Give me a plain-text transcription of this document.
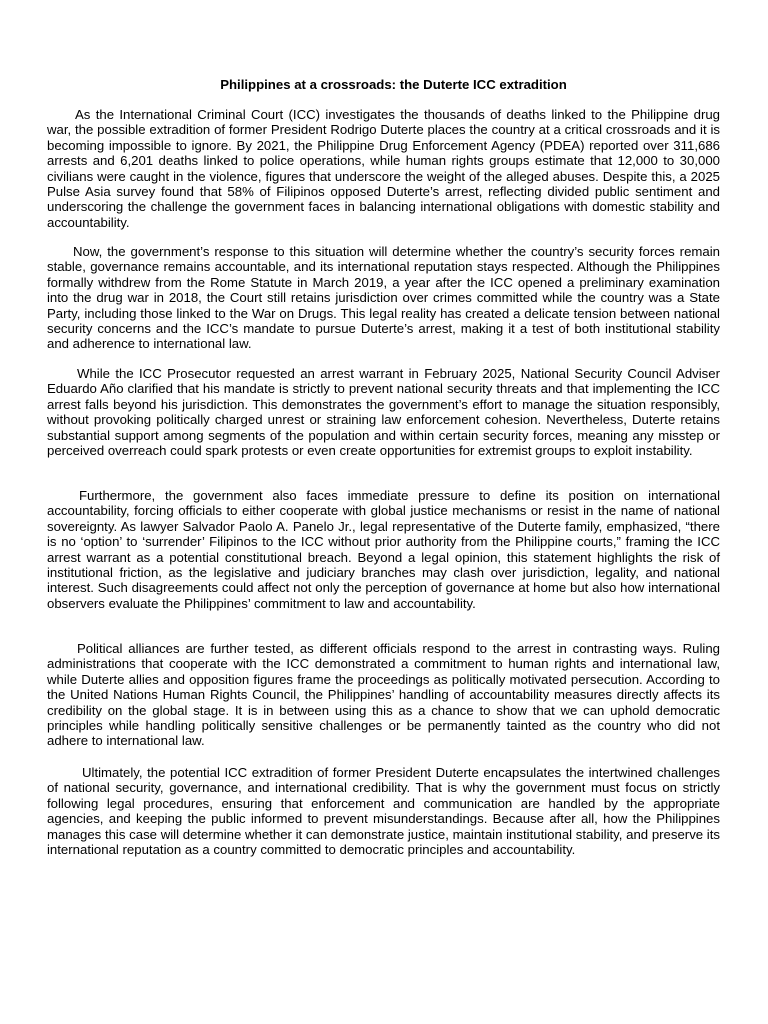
Philippines at a crossroads: the Duterte ICC extradition

As the International Criminal Court (ICC) investigates the thousands of deaths linked to the Philippine drug war, the possible extradition of former President Rodrigo Duterte places the country at a critical crossroads and it is becoming impossible to ignore. By 2021, the Philippine Drug Enforcement Agency (PDEA) reported over 311,686 arrests and 6,201 deaths linked to police operations, while human rights groups estimate that 12,000 to 30,000 civilians were caught in the violence, figures that underscore the weight of the alleged abuses. Despite this, a 2025 Pulse Asia survey found that 58% of Filipinos opposed Duterte’s arrest, reflecting divided public sentiment and underscoring the challenge the government faces in balancing international obligations with domestic stability and accountability.

Now, the government’s response to this situation will determine whether the country’s security forces remain stable, governance remains accountable, and its international reputation stays respected. Although the Philippines formally withdrew from the Rome Statute in March 2019, a year after the ICC opened a preliminary examination into the drug war in 2018, the Court still retains jurisdiction over crimes committed while the country was a State Party, including those linked to the War on Drugs. This legal reality has created a delicate tension between national security concerns and the ICC’s mandate to pursue Duterte’s arrest, making it a test of both institutional stability and adherence to international law.

While the ICC Prosecutor requested an arrest warrant in February 2025, National Security Council Adviser Eduardo Año clarified that his mandate is strictly to prevent national security threats and that implementing the ICC arrest falls beyond his jurisdiction. This demonstrates the government’s effort to manage the situation responsibly, without provoking politically charged unrest or straining law enforcement cohesion. Nevertheless, Duterte retains substantial support among segments of the population and within certain security forces, meaning any misstep or perceived overreach could spark protests or even create opportunities for extremist groups to exploit instability.

Furthermore, the government also faces immediate pressure to define its position on international accountability, forcing officials to either cooperate with global justice mechanisms or resist in the name of national sovereignty. As lawyer Salvador Paolo A. Panelo Jr., legal representative of the Duterte family, emphasized, “there is no ‘option’ to ‘surrender’ Filipinos to the ICC without prior authority from the Philippine courts,” framing the ICC arrest warrant as a potential constitutional breach. Beyond a legal opinion, this statement highlights the risk of institutional friction, as the legislative and judiciary branches may clash over jurisdiction, legality, and national interest. Such disagreements could affect not only the perception of governance at home but also how international observers evaluate the Philippines’ commitment to law and accountability.

Political alliances are further tested, as different officials respond to the arrest in contrasting ways. Ruling administrations that cooperate with the ICC demonstrated a commitment to human rights and international law, while Duterte allies and opposition figures frame the proceedings as politically motivated persecution. According to the United Nations Human Rights Council, the Philippines’ handling of accountability measures directly affects its credibility on the global stage. It is in between using this as a chance to show that we can uphold democratic principles while handling politically sensitive challenges or be permanently tainted as the country who did not adhere to international law.

Ultimately, the potential ICC extradition of former President Duterte encapsulates the intertwined challenges of national security, governance, and international credibility. That is why the government must focus on strictly following legal procedures, ensuring that enforcement and communication are handled by the appropriate agencies, and keeping the public informed to prevent misunderstandings. Because after all, how the Philippines manages this case will determine whether it can demonstrate justice, maintain institutional stability, and preserve its international reputation as a country committed to democratic principles and accountability.
